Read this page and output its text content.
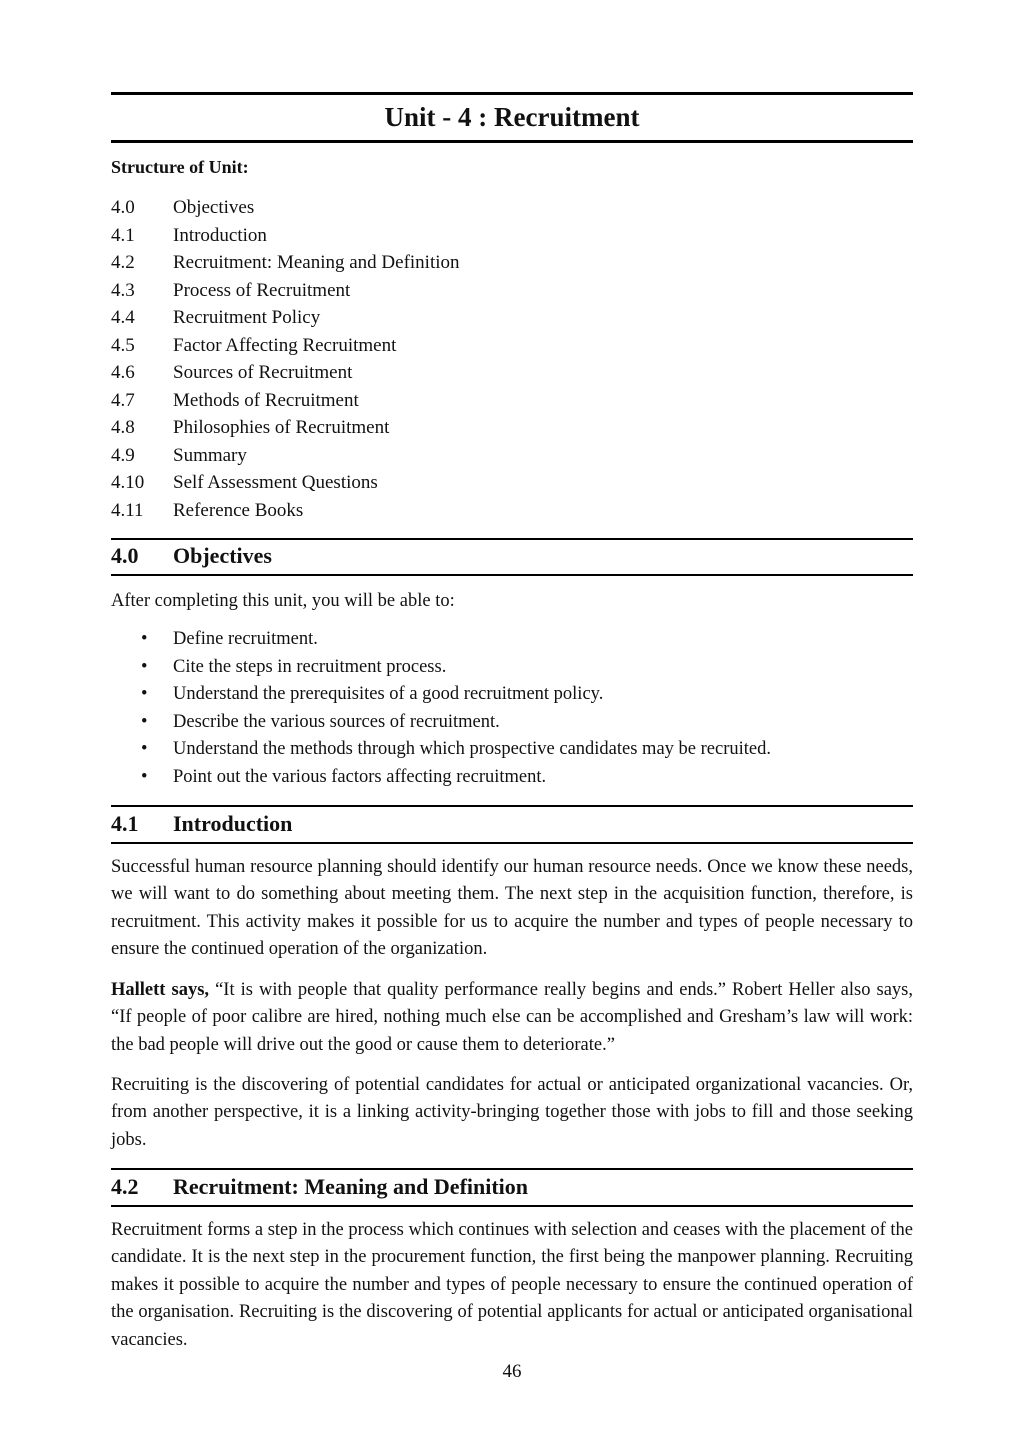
Unit - 4 : Recruitment
Structure of Unit:
4.0 Objectives
4.1 Introduction
4.2 Recruitment: Meaning and Definition
4.3 Process of Recruitment
4.4 Recruitment Policy
4.5 Factor Affecting Recruitment
4.6 Sources of Recruitment
4.7 Methods of Recruitment
4.8 Philosophies of Recruitment
4.9 Summary
4.10 Self Assessment Questions
4.11 Reference Books
4.0 Objectives

After completing this unit, you will be able to:

• Define recruitment.
• Cite the steps in recruitment process.
• Understand the prerequisites of a good recruitment policy.
• Describe the various sources of recruitment.
• Understand the methods through which prospective candidates may be recruited.
• Point out the various factors affecting recruitment.
4.1 Introduction

Successful human resource planning should identify our human resource needs. Once we know these needs, we will want to do something about meeting them. The next step in the acquisition function, therefore, is recruitment. This activity makes it possible for us to acquire the number and types of people necessary to ensure the continued operation of the organization.

Hallett says, “It is with people that quality performance really begins and ends.” Robert Heller also says, “If people of poor calibre are hired, nothing much else can be accomplished and Gresham’s law will work: the bad people will drive out the good or cause them to deteriorate.”

Recruiting is the discovering of potential candidates for actual or anticipated organizational vacancies. Or, from another perspective, it is a linking activity-bringing together those with jobs to fill and those seeking jobs.

4.2 Recruitment: Meaning and Definition

Recruitment forms a step in the process which continues with selection and ceases with the placement of the candidate. It is the next step in the procurement function, the first being the manpower planning. Recruiting makes it possible to acquire the number and types of people necessary to ensure the continued operation of the organisation. Recruiting is the discovering of potential applicants for actual or anticipated organisational vacancies.

46
